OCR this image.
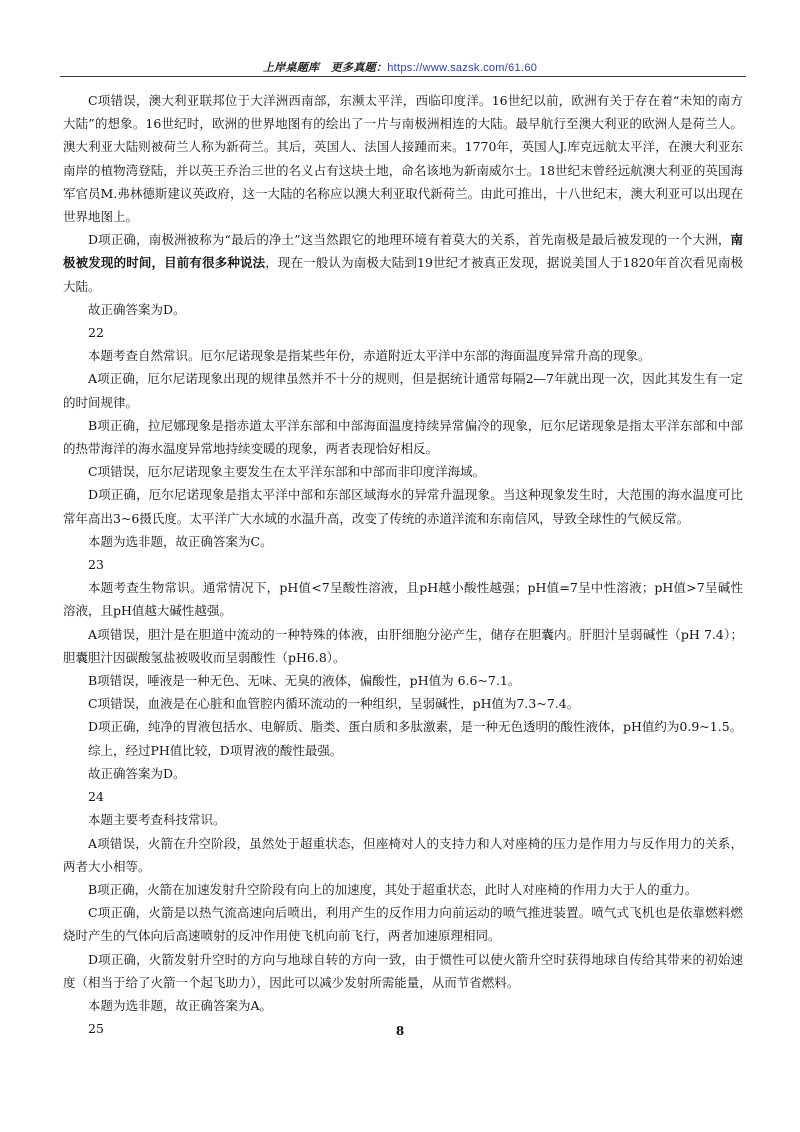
上岸桌题库 更多真题：https://www.sazsk.com/61.60

C项错误，澳大利亚联邦位于大洋洲西南部，东濒太平洋，西临印度洋。16世纪以前，欧洲有关于存在着“未知的南方大陆”的想象。16世纪时，欧洲的世界地图有的绘出了一片与南极洲相连的大陆。最早航行至澳大利亚的欧洲人是荷兰人。澳大利亚大陆则被荷兰人称为新荷兰。其后，英国人、法国人接踵而来。1770年，英国人J.库克远航太平洋，在澳大利亚东南岸的植物湾登陆，并以英王乔治三世的名义占有这块土地，命名该地为新南威尔士。18世纪末曾经远航澳大利亚的英国海军官员M.弗林德斯建议英政府，这一大陆的名称应以澳大利亚取代新荷兰。由此可推出，十八世纪末，澳大利亚可以出现在世界地图上。

D项正确，南极洲被称为“最后的净土”这当然跟它的地理环境有着莫大的关系，首先南极是最后被发现的一个大洲，南极被发现的时间，目前有很多种说法，现在一般认为南极大陆到19世纪才被真正发现，据说美国人于1820年首次看见南极大陆。

故正确答案为D。

22

本题考查自然常识。厄尔尼诺现象是指某些年份，赤道附近太平洋中东部的海面温度异常升高的现象。

A项正确，厄尔尼诺现象出现的规律虽然并不十分的规则，但是据统计通常每隔2—7年就出现一次，因此其发生有一定的时间规律。

B项正确，拉尼娜现象是指赤道太平洋东部和中部海面温度持续异常偏冷的现象，厄尔尼诺现象是指太平洋东部和中部的热带海洋的海水温度异常地持续变暖的现象，两者表现恰好相反。

C项错误，厄尔尼诺现象主要发生在太平洋东部和中部而非印度洋海域。

D项正确，厄尔尼诺现象是指太平洋中部和东部区域海水的异常升温现象。当这种现象发生时，大范围的海水温度可比常年高出3~6摄氏度。太平洋广大水域的水温升高，改变了传统的赤道洋流和东南信风，导致全球性的气候反常。

本题为选非题，故正确答案为C。

23

本题考查生物常识。通常情况下，pH值<7呈酸性溶液，且pH越小酸性越强；pH值=7呈中性溶液；pH值>7呈碱性溶液，且pH值越大碱性越强。

A项错误，胆汁是在胆道中流动的一种特殊的体液，由肝细胞分泌产生，储存在胆囊内。肝胆汁呈弱碱性（pH 7.4）；胆囊胆汁因碳酸氢盐被吸收而呈弱酸性（pH6.8）。

B项错误，唾液是一种无色、无味、无臭的液体，偏酸性，pH值为 6.6~7.1。

C项错误，血液是在心脏和血管腔内循环流动的一种组织，呈弱碱性，pH值为7.3~7.4。

D项正确，纯净的胃液包括水、电解质、脂类、蛋白质和多肽激素，是一种无色透明的酸性液体，pH值约为0.9~1.5。

综上，经过PH值比较，D项胃液的酸性最强。

故正确答案为D。

24

本题主要考查科技常识。

A项错误，火箭在升空阶段，虽然处于超重状态，但座椅对人的支持力和人对座椅的压力是作用力与反作用力的关系，两者大小相等。

B项正确，火箭在加速发射升空阶段有向上的加速度，其处于超重状态，此时人对座椅的作用力大于人的重力。

C项正确，火箭是以热气流高速向后喷出，利用产生的反作用力向前运动的喷气推进装置。喷气式飞机也是依靠燃料燃烧时产生的气体向后高速喷射的反冲作用使飞机向前飞行，两者加速原理相同。

D项正确，火箭发射升空时的方向与地球自转的方向一致，由于惯性可以使火箭升空时获得地球自传给其带来的初始速度（相当于给了火箭一个起飞助力），因此可以减少发射所需能量，从而节省燃料。

本题为选非题，故正确答案为A。

25	8
